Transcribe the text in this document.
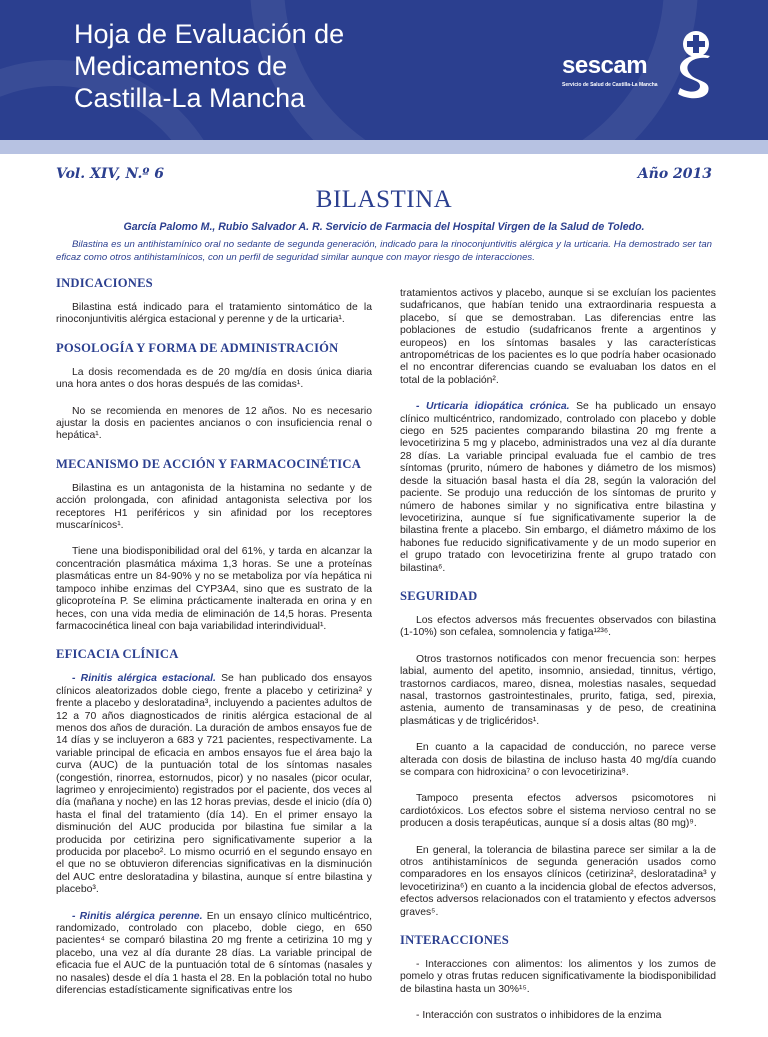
Hoja de Evaluación de
Medicamentos de
Castilla-La Mancha
sescam
Servicio de Salud de Castilla-La Mancha
Vol. XIV, N.º 6	Año 2013
BILASTINA
García Palomo M., Rubio Salvador A. R. Servicio de Farmacia del Hospital Virgen de la Salud de Toledo.

Bilastina es un antihistamínico oral no sedante de segunda generación, indicado para la rinoconjuntivitis alérgica y la urticaria. Ha demostrado ser tan eficaz como otros antihistamínicos, con un perfil de seguridad similar aunque con mayor riesgo de interacciones.

INDICACIONES

Bilastina está indicado para el tratamiento sintomático de la rinoconjuntivitis alérgica estacional y perenne y de la urticaria¹.

POSOLOGÍA Y FORMA DE ADMINISTRACIÓN

La dosis recomendada es de 20 mg/día en dosis única diaria una hora antes o dos horas después de las comidas¹.

No se recomienda en menores de 12 años. No es necesario ajustar la dosis en pacientes ancianos o con insuficiencia renal o hepática¹.

MECANISMO DE ACCIÓN Y FARMACOCINÉTICA

Bilastina es un antagonista de la histamina no sedante y de acción prolongada, con afinidad antagonista selectiva por los receptores H1 periféricos y sin afinidad por los receptores muscarínicos¹.

Tiene una biodisponibilidad oral del 61%, y tarda en alcanzar la concentración plasmática máxima 1,3 horas. Se une a proteínas plasmáticas entre un 84-90% y no se metaboliza por vía hepática ni tampoco inhibe enzimas del CYP3A4, sino que es sustrato de la glicoproteína P. Se elimina prácticamente inalterada en orina y en heces, con una vida media de eliminación de 14,5 horas. Presenta farmacocinética lineal con baja variabilidad interindividual¹.

EFICACIA CLÍNICA

- Rinitis alérgica estacional. Se han publicado dos ensayos clínicos aleatorizados doble ciego, frente a placebo y cetirizina² y frente a placebo y desloratadina³, incluyendo a pacientes adultos de 12 a 70 años diagnosticados de rinitis alérgica estacional de al menos dos años de duración. La duración de ambos ensayos fue de 14 días y se incluyeron a 683 y 721 pacientes, respectivamente. La variable principal de eficacia en ambos ensayos fue el área bajo la curva (AUC) de la puntuación total de los síntomas nasales (congestión, rinorrea, estornudos, picor) y no nasales (picor ocular, lagrimeo y enrojecimiento) registrados por el paciente, dos veces al día (mañana y noche) en las 12 horas previas, desde el inicio (día 0) hasta el final del tratamiento (día 14). En el primer ensayo la disminución del AUC producida por bilastina fue similar a la producida por cetirizina pero significativamente superior a la producida por placebo². Lo mismo ocurrió en el segundo ensayo en el que no se obtuvieron diferencias significativas en la disminución del AUC entre desloratadina y bilastina, aunque sí entre bilastina y placebo³.

- Rinitis alérgica perenne. En un ensayo clínico multicéntrico, randomizado, controlado con placebo, doble ciego, en 650 pacientes⁴ se comparó bilastina 20 mg frente a cetirizina 10 mg y placebo, una vez al día durante 28 días. La variable principal de eficacia fue el AUC de la puntuación total de 6 síntomas (nasales y no nasales) desde el día 1 hasta el 28. En la población total no hubo diferencias estadísticamente significativas entre los

tratamientos activos y placebo, aunque si se excluían los pacientes sudafricanos, que habían tenido una extraordinaria respuesta a placebo, sí que se demostraban. Las diferencias entre las poblaciones de estudio (sudafricanos frente a argentinos y europeos) en los síntomas basales y las características antropométricas de los pacientes es lo que podría haber ocasionado el no encontrar diferencias cuando se evaluaban los datos en el total de la población².

- Urticaria idiopática crónica. Se ha publicado un ensayo clínico multicéntrico, randomizado, controlado con placebo y doble ciego en 525 pacientes comparando bilastina 20 mg frente a levocetirizina 5 mg y placebo, administrados una vez al día durante 28 días. La variable principal evaluada fue el cambio de tres síntomas (prurito, número de habones y diámetro de los mismos) desde la situación basal hasta el día 28, según la valoración del paciente. Se produjo una reducción de los síntomas de prurito y número de habones similar y no significativa entre bilastina y levocetirizina, aunque sí fue significativamente superior la de bilastina frente a placebo. Sin embargo, el diámetro máximo de los habones fue reducido significativamente y de un modo superior en el grupo tratado con levocetirizina frente al grupo tratado con bilastina⁶.

SEGURIDAD

Los efectos adversos más frecuentes observados con bilastina (1-10%) son cefalea, somnolencia y fatiga¹²³⁶.

Otros trastornos notificados con menor frecuencia son: herpes labial, aumento del apetito, insomnio, ansiedad, tinnitus, vértigo, trastornos cardiacos, mareo, disnea, molestias nasales, sequedad nasal, trastornos gastrointestinales, prurito, fatiga, sed, pirexia, astenia, aumento de transaminasas y de peso, de creatinina plasmáticas y de triglicéridos¹.

En cuanto a la capacidad de conducción, no parece verse alterada con dosis de bilastina de incluso hasta 40 mg/día cuando se compara con hidroxicina⁷ o con levocetirizina⁸.

Tampoco presenta efectos adversos psicomotores ni cardiotóxicos. Los efectos sobre el sistema nervioso central no se producen a dosis terapéuticas, aunque sí a dosis altas (80 mg)⁹.

En general, la tolerancia de bilastina parece ser similar a la de otros antihistamínicos de segunda generación usados como comparadores en los ensayos clínicos (cetirizina², desloratadina³ y levocetirizina⁶) en cuanto a la incidencia global de efectos adversos, efectos adversos relacionados con el tratamiento y efectos adversos graves⁵.

INTERACCIONES

- Interacciones con alimentos: los alimentos y los zumos de pomelo y otras frutas reducen significativamente la biodisponibilidad de bilastina hasta un 30%¹⁵.

- Interacción con sustratos o inhibidores de la enzima
